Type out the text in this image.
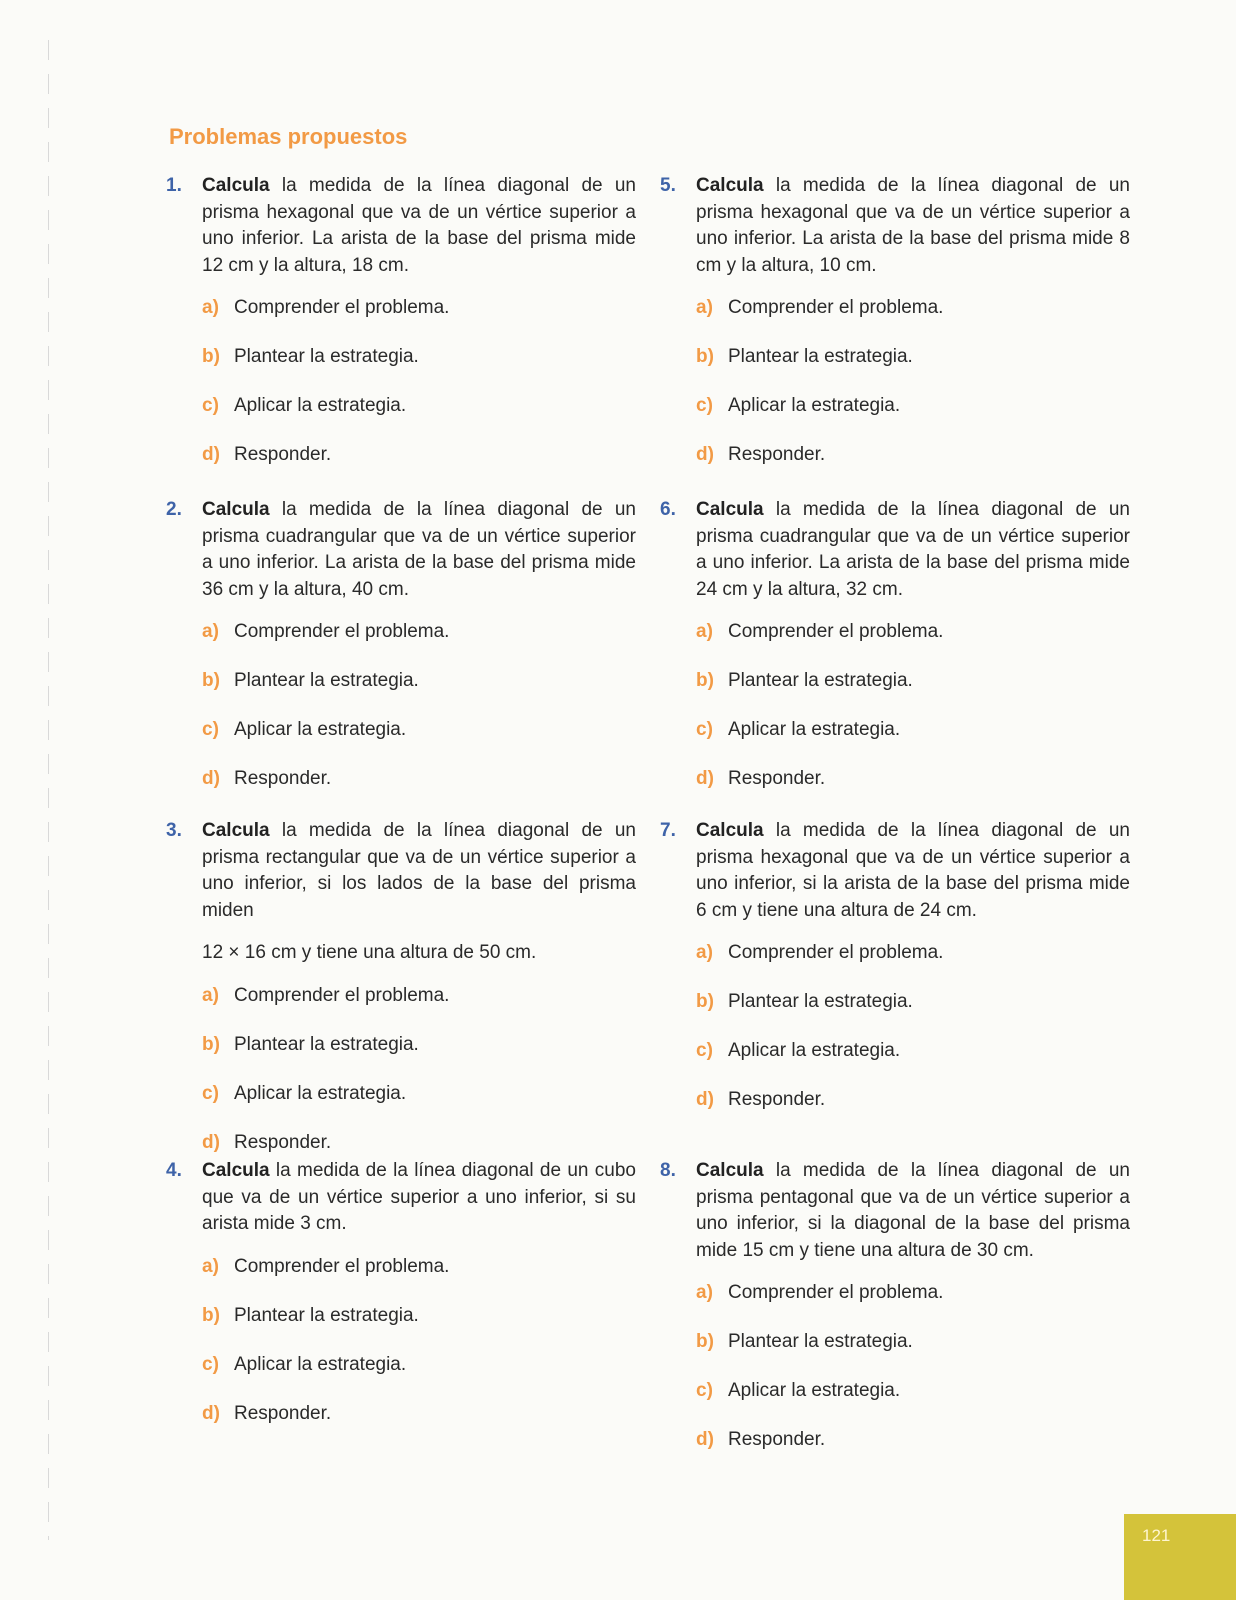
Problemas propuestos
1. Calcula la medida de la línea diagonal de un prisma hexagonal que va de un vértice superior a uno inferior. La arista de la base del prisma mide 12 cm y la altura, 18 cm.
a) Comprender el problema.
b) Plantear la estrategia.
c) Aplicar la estrategia.
d) Responder.
2. Calcula la medida de la línea diagonal de un prisma cuadrangular que va de un vértice superior a uno inferior. La arista de la base del prisma mide 36 cm y la altura, 40 cm.
a) Comprender el problema.
b) Plantear la estrategia.
c) Aplicar la estrategia.
d) Responder.
3. Calcula la medida de la línea diagonal de un prisma rectangular que va de un vértice superior a uno inferior, si los lados de la base del prisma miden
12 × 16 cm y tiene una altura de 50 cm.
a) Comprender el problema.
b) Plantear la estrategia.
c) Aplicar la estrategia.
d) Responder.
4. Calcula la medida de la línea diagonal de un cubo que va de un vértice superior a uno inferior, si su arista mide 3 cm.
a) Comprender el problema.
b) Plantear la estrategia.
c) Aplicar la estrategia.
d) Responder.
5. Calcula la medida de la línea diagonal de un prisma hexagonal que va de un vértice superior a uno inferior. La arista de la base del prisma mide 8 cm y la altura, 10 cm.
a) Comprender el problema.
b) Plantear la estrategia.
c) Aplicar la estrategia.
d) Responder.
6. Calcula la medida de la línea diagonal de un prisma cuadrangular que va de un vértice superior a uno inferior. La arista de la base del prisma mide 24 cm y la altura, 32 cm.
a) Comprender el problema.
b) Plantear la estrategia.
c) Aplicar la estrategia.
d) Responder.
7. Calcula la medida de la línea diagonal de un prisma hexagonal que va de un vértice superior a uno inferior, si la arista de la base del prisma mide 6 cm y tiene una altura de 24 cm.
a) Comprender el problema.
b) Plantear la estrategia.
c) Aplicar la estrategia.
d) Responder.
8. Calcula la medida de la línea diagonal de un prisma pentagonal que va de un vértice superior a uno inferior, si la diagonal de la base del prisma mide 15 cm y tiene una altura de 30 cm.
a) Comprender el problema.
b) Plantear la estrategia.
c) Aplicar la estrategia.
d) Responder.
121
